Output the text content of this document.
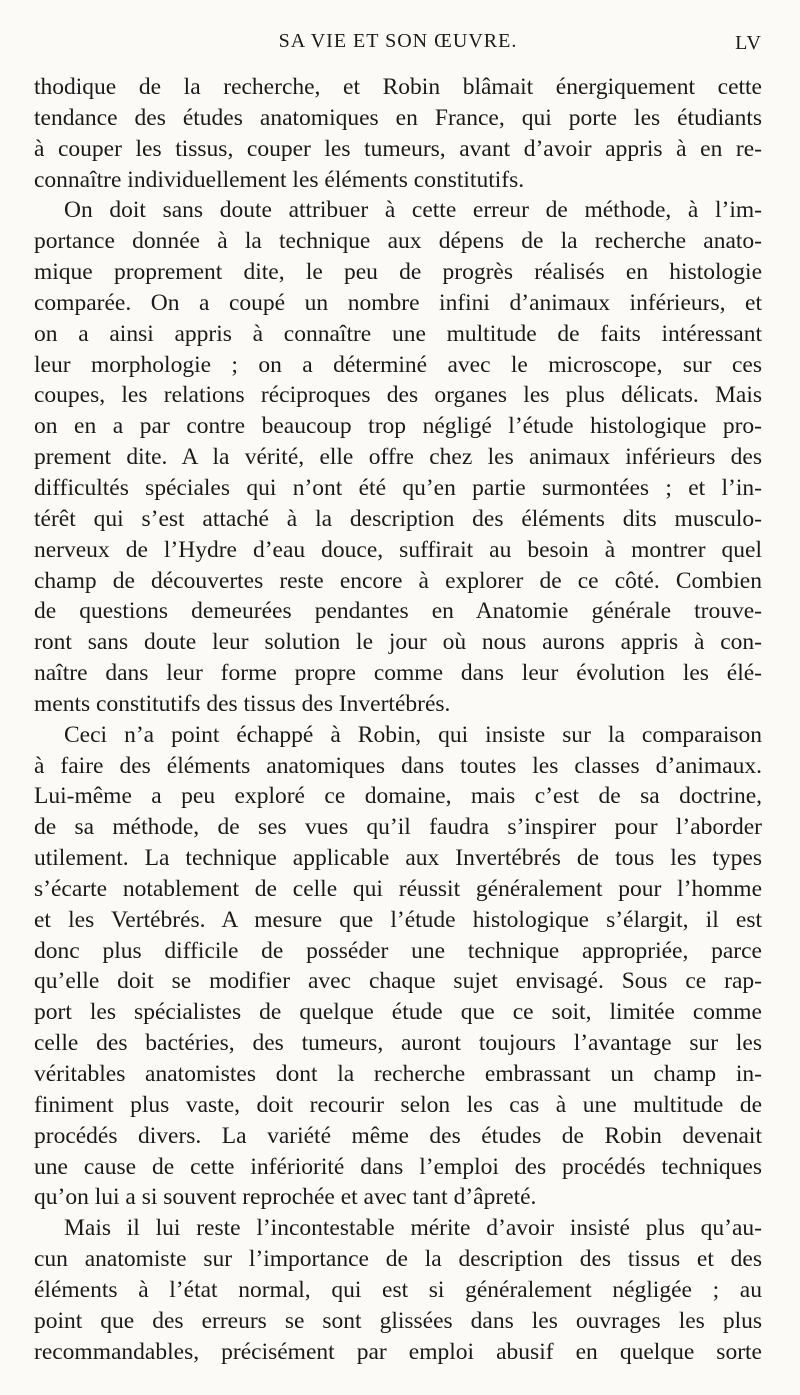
SA VIE ET SON ŒUVRE.	LV
thodique de la recherche, et Robin blâmait énergiquement cette
tendance des études anatomiques en France, qui porte les étudiants
à couper les tissus, couper les tumeurs, avant d’avoir appris à en re-
connaître individuellement les éléments constitutifs.
On doit sans doute attribuer à cette erreur de méthode, à l’im-
portance donnée à la technique aux dépens de la recherche anato-
mique proprement dite, le peu de progrès réalisés en histologie
comparée. On a coupé un nombre infini d’animaux inférieurs, et
on a ainsi appris à connaître une multitude de faits intéressant
leur morphologie ; on a déterminé avec le microscope, sur ces
coupes, les relations réciproques des organes les plus délicats. Mais
on en a par contre beaucoup trop négligé l’étude histologique pro-
prement dite. A la vérité, elle offre chez les animaux inférieurs des
difficultés spéciales qui n’ont été qu’en partie surmontées ; et l’in-
térêt qui s’est attaché à la description des éléments dits musculo-
nerveux de l’Hydre d’eau douce, suffirait au besoin à montrer quel
champ de découvertes reste encore à explorer de ce côté. Combien
de questions demeurées pendantes en Anatomie générale trouve-
ront sans doute leur solution le jour où nous aurons appris à con-
naître dans leur forme propre comme dans leur évolution les élé-
ments constitutifs des tissus des Invertébrés.
Ceci n’a point échappé à Robin, qui insiste sur la comparaison
à faire des éléments anatomiques dans toutes les classes d’animaux.
Lui-même a peu exploré ce domaine, mais c’est de sa doctrine,
de sa méthode, de ses vues qu’il faudra s’inspirer pour l’aborder
utilement. La technique applicable aux Invertébrés de tous les types
s’écarte notablement de celle qui réussit généralement pour l’homme
et les Vertébrés. A mesure que l’étude histologique s’élargit, il est
donc plus difficile de posséder une technique appropriée, parce
qu’elle doit se modifier avec chaque sujet envisagé. Sous ce rap-
port les spécialistes de quelque étude que ce soit, limitée comme
celle des bactéries, des tumeurs, auront toujours l’avantage sur les
véritables anatomistes dont la recherche embrassant un champ in-
finiment plus vaste, doit recourir selon les cas à une multitude de
procédés divers. La variété même des études de Robin devenait
une cause de cette infériorité dans l’emploi des procédés techniques
qu’on lui a si souvent reprochée et avec tant d’âpreté.
Mais il lui reste l’incontestable mérite d’avoir insisté plus qu’au-
cun anatomiste sur l’importance de la description des tissus et des
éléments à l’état normal, qui est si généralement négligée ; au
point que des erreurs se sont glissées dans les ouvrages les plus
recommandables, précisément par emploi abusif en quelque sorte
